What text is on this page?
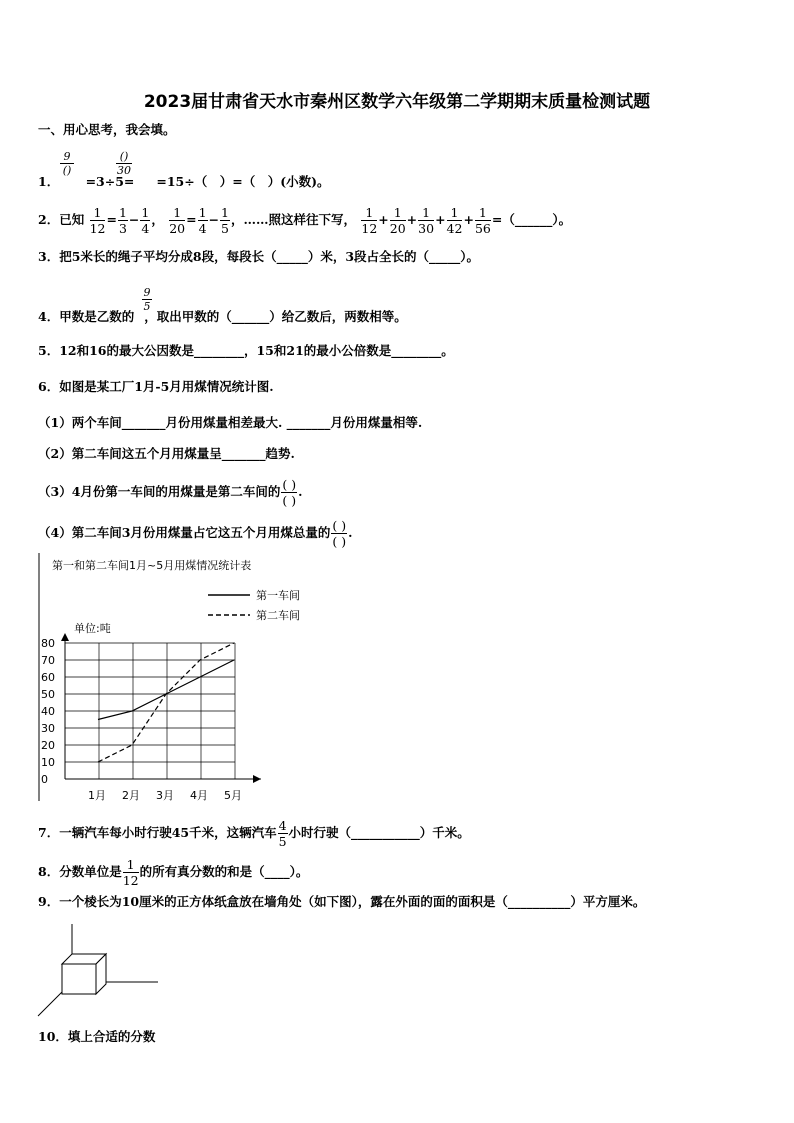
2023届甘肃省天水市秦州区数学六年级第二学期期末质量检测试题
一、用心思考，我会填。
1． =3÷5= =15÷（　）=（　）(小数)。
9
()
()
30
2．已知 $\frac{1}{12} = \frac{1}{3} - \frac{1}{4}$ ， $\frac{1}{20} = \frac{1}{4} - \frac{1}{5}$ ，……照这样往下写， $\frac{1}{12} + \frac{1}{20} + \frac{1}{30} + \frac{1}{42} + \frac{1}{56}$ =（______）。
3．把5米长的绳子平均分成8段，每段长（_____）米，3段占全长的（_____）。
4．甲数是乙数的 ，取出甲数的（______）给乙数后，两数相等。
$\frac{9}{5}$
5．12和16的最大公因数是________，15和21的最小公倍数是________。
6．如图是某工厂1月-5月用煤情况统计图.
（1）两个车间_______月份用煤量相差最大. _______月份用煤量相等.
（2）第二车间这五个月用煤量呈_______趋势.
（3）4月份第一车间的用煤量是第二车间的 $\frac{( )}{( )}$ .
（4）第二车间3月份用煤量占它这五个月用煤总量的 $\frac{( )}{( )}$ .
第一和第二车间1月~5月用煤情况统计表
第一车间
第二车间
单位:吨
0
10
20
30
40
50
60
70
80
1月 2月 3月 4月 5月
7．一辆汽车每小时行驶45千米，这辆汽车 $\frac{4}{5}$ 小时行驶（___________）千米。
8．分数单位是 $\frac{1}{12}$ 的所有真分数的和是（____）。
9．一个棱长为10厘米的正方体纸盒放在墙角处（如下图），露在外面的面的面积是（__________）平方厘米。
10．填上合适的分数
